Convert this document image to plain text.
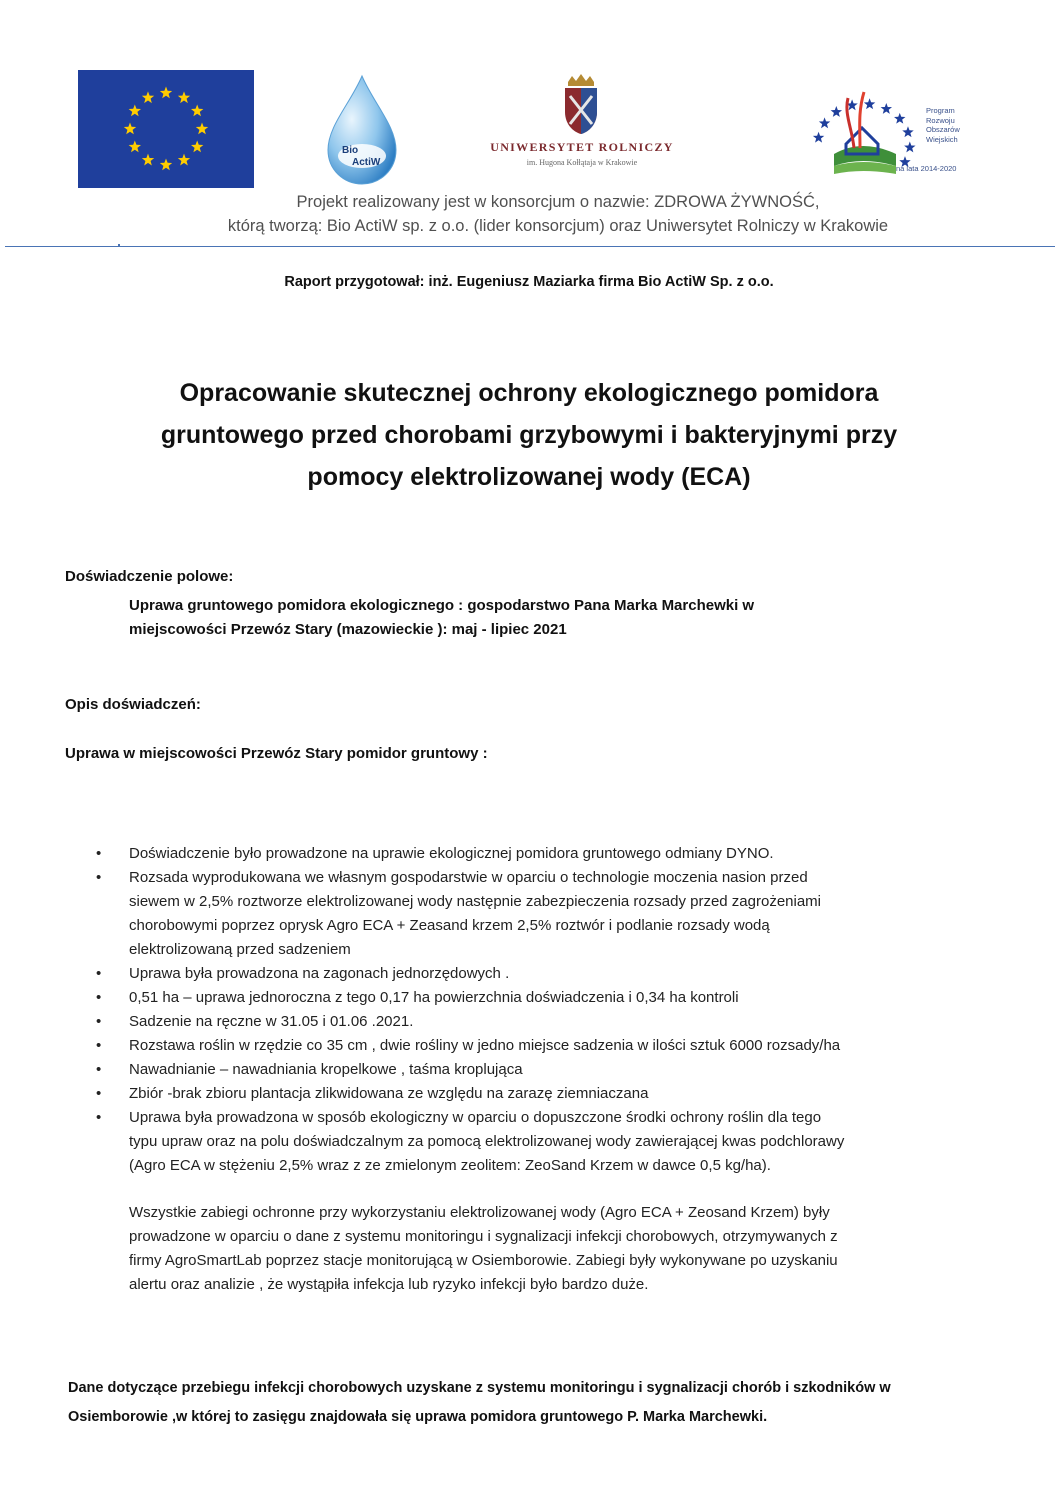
Bio
ActiW
UNIWERSYTET ROLNICZY
im. Hugona Kołłątaja w Krakowie
Program
Rozwoju
Obszarów
Wiejskich
na lata 2014-2020
Projekt realizowany jest w konsorcjum o nazwie: ZDROWA ŻYWNOŚĆ,
którą tworzą: Bio ActiW sp. z o.o. (lider konsorcjum) oraz Uniwersytet Rolniczy w Krakowie
Raport przygotował: inż. Eugeniusz Maziarka firma Bio ActiW Sp. z o.o.
Opracowanie skutecznej ochrony ekologicznego pomidora
gruntowego przed chorobami grzybowymi i bakteryjnymi przy
pomocy elektrolizowanej wody (ECA)
Doświadczenie polowe:
Uprawa gruntowego pomidora ekologicznego : gospodarstwo Pana Marka Marchewki w
miejscowości Przewóz Stary (mazowieckie ): maj - lipiec 2021
Opis doświadczeń:
Uprawa w miejscowości Przewóz Stary pomidor gruntowy :
Doświadczenie było prowadzone na uprawie ekologicznej pomidora gruntowego odmiany DYNO.
Rozsada wyprodukowana we własnym gospodarstwie w oparciu o technologie moczenia nasion przed
siewem w 2,5% roztworze elektrolizowanej wody następnie zabezpieczenia rozsady przed zagrożeniami
chorobowymi poprzez oprysk Agro ECA + Zeasand krzem 2,5% roztwór i podlanie rozsady wodą
elektrolizowaną przed sadzeniem
Uprawa była prowadzona na zagonach jednorzędowych .
0,51 ha – uprawa jednoroczna z tego 0,17 ha powierzchnia doświadczenia i 0,34 ha kontroli
Sadzenie na ręczne w 31.05 i 01.06 .2021.
Rozstawa roślin w rzędzie co 35 cm , dwie rośliny w jedno miejsce sadzenia w ilości sztuk 6000 rozsady/ha
Nawadnianie – nawadniania kropelkowe , taśma kroplująca
Zbiór -brak zbioru plantacja zlikwidowana ze względu na zarazę ziemniaczana
Uprawa była prowadzona w sposób ekologiczny w oparciu o dopuszczone środki ochrony roślin dla tego
typu upraw oraz na polu doświadczalnym za pomocą elektrolizowanej wody zawierającej kwas podchlorawy
(Agro ECA w stężeniu 2,5% wraz z ze zmielonym zeolitem: ZeoSand Krzem w dawce 0,5 kg/ha).
Wszystkie zabiegi ochronne przy wykorzystaniu elektrolizowanej wody (Agro ECA + Zeosand Krzem) były
prowadzone w oparciu o dane z systemu monitoringu i sygnalizacji infekcji chorobowych, otrzymywanych z
firmy AgroSmartLab poprzez stacje monitorującą w Osiemborowie. Zabiegi były wykonywane po uzyskaniu
alertu oraz analizie , że wystąpiła infekcja lub ryzyko infekcji było bardzo duże.
Dane dotyczące przebiegu infekcji chorobowych uzyskane z systemu monitoringu i sygnalizacji chorób i szkodników w
Osiemborowie ,w której to zasięgu znajdowała się uprawa pomidora gruntowego P. Marka Marchewki.
